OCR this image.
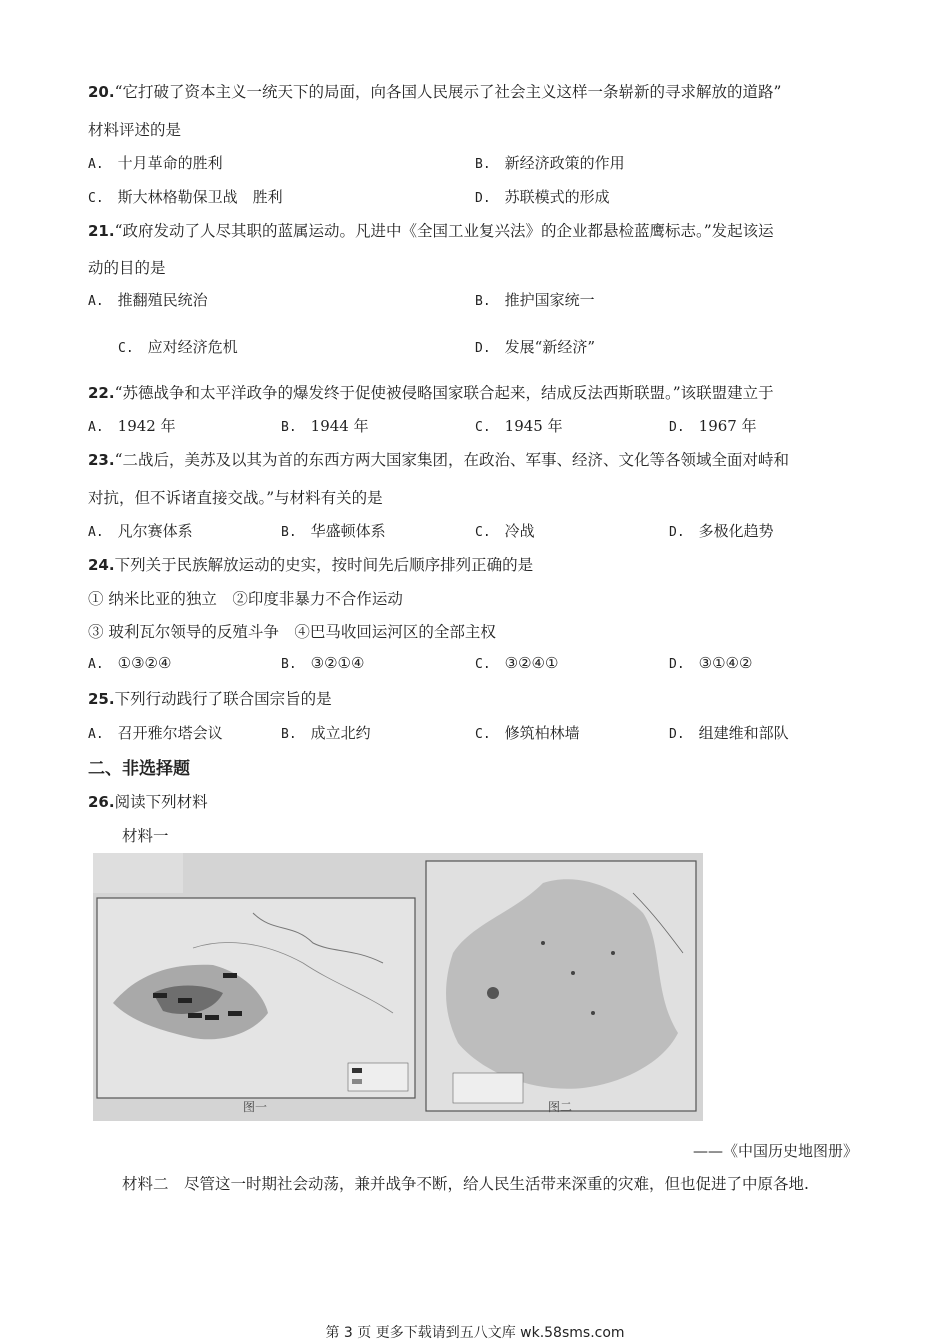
20.“它打破了资本主义一统天下的局面，向各国人民展示了社会主义这样一条崭新的寻求解放的道路”
材料评述的是
A. 十月革命的胜利	B. 新经济政策的作用
C. 斯大林格勒保卫战　胜利	D. 苏联模式的形成
21.“政府发动了人尽其职的蓝属运动。凡进中《全国工业复兴法》的企业都悬检蓝鹰标志。”发起该运
动的目的是
A. 推翻殖民统治	B. 推护国家统一
C. 应对经济危机	D. 发展“新经济”
22.“苏德战争和太平洋政争的爆发终于促使被侵略国家联合起来，结成反法西斯联盟。”该联盟建立于
A. 1942 年	B. 1944 年	C. 1945 年	D. 1967 年
23.“二战后，美苏及以其为首的东西方两大国家集团，在政治、军事、经济、文化等各领域全面对峙和
对抗，但不诉诸直接交战。”与材料有关的是
A. 凡尔赛体系	B. 华盛顿体系	C. 冷战	D. 多极化趋势
24.下列关于民族解放运动的史实，按时间先后顺序排列正确的是
① 纳米比亚的独立　②印度非暴力不合作运动
③ 玻利瓦尔领导的反殖斗争　④巴马收回运河区的全部主权
A. ①③②④	B. ③②①④	C. ③②④①	D. ③①④②
25.下列行动践行了联合国宗旨的是
A. 召开雅尔塔会议	B. 成立北约	C. 修筑柏林墙	D. 组建维和部队
二、非选择题
26.阅读下列材料
材料一
图一	图二
——《中国历史地图册》
材料二　尽管这一时期社会动荡，兼并战争不断，给人民生活带来深重的灾难，但也促进了中原各地.
第 3 页 更多下载请到五八文库 wk.58sms.com
